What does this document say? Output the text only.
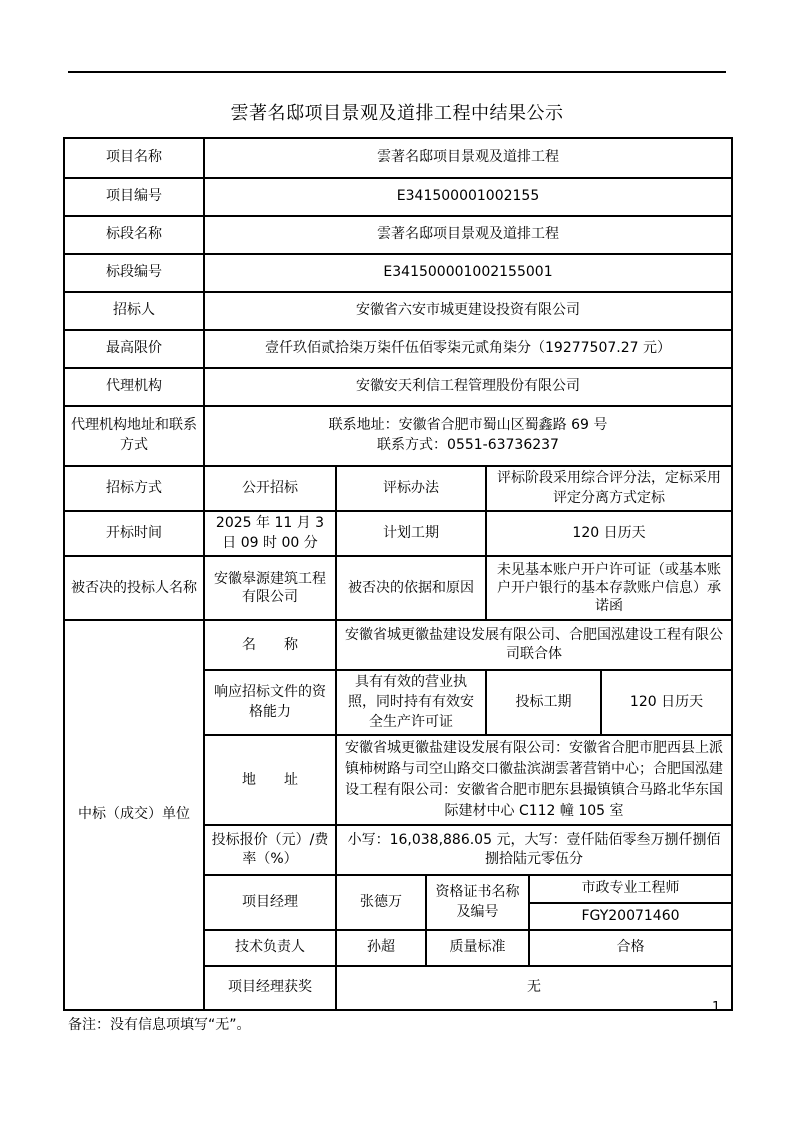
雲著名邸项目景观及道排工程中结果公示
项目名称	雲著名邸项目景观及道排工程					
项目编号	E341500001002155					
标段名称	雲著名邸项目景观及道排工程					
标段编号	E341500001002155001					
招标人	安徽省六安市城更建设投资有限公司					
最高限价	壹仟玖佰贰拾柒万柒仟伍佰零柒元贰角柒分（19277507.27 元）					
代理机构	安徽安天利信工程管理股份有限公司					
代理机构地址和联系方式	联系地址：安徽省合肥市蜀山区蜀鑫路 69 号
联系方式：0551-63736237					

招标方式	公开招标	评标办法		评标阶段采用综合评分法，定标采用评定分离方式定标		
开标时间	2025 年 11 月 3 日 09 时 00 分	计划工期		120 日历天		
被否决的投标人名称	安徽皋源建筑工程有限公司	被否决的依据和原因		未见基本账户开户许可证（或基本账户开户银行的基本存款账户信息）承诺函		
中标（成交）单位	名　　称	安徽省城更徽盐建设发展有限公司、合肥国泓建设工程有限公司联合体				
	响应招标文件的资格能力	具有有效的营业执照，同时持有有效安全生产许可证		投标工期		120 日历天
	地　　址	安徽省城更徽盐建设发展有限公司：安徽省合肥市肥西县上派镇柿树路与司空山路交口徽盐滨湖雲著营销中心；合肥国泓建设工程有限公司：安徽省合肥市肥东县撮镇镇合马路北华东国际建材中心 C112 幢 105 室				
	投标报价（元）/费率（%）	小写：16,038,886.05 元，大写：壹仟陆佰零叁万捌仟捌佰捌拾陆元零伍分				
	项目经理	张德万	资格证书名称及编号		市政专业工程师	
					FGY20071460	
	技术负责人	孙超	质量标准		合格	
	项目经理获奖	无				
1
备注：没有信息项填写“无”。
